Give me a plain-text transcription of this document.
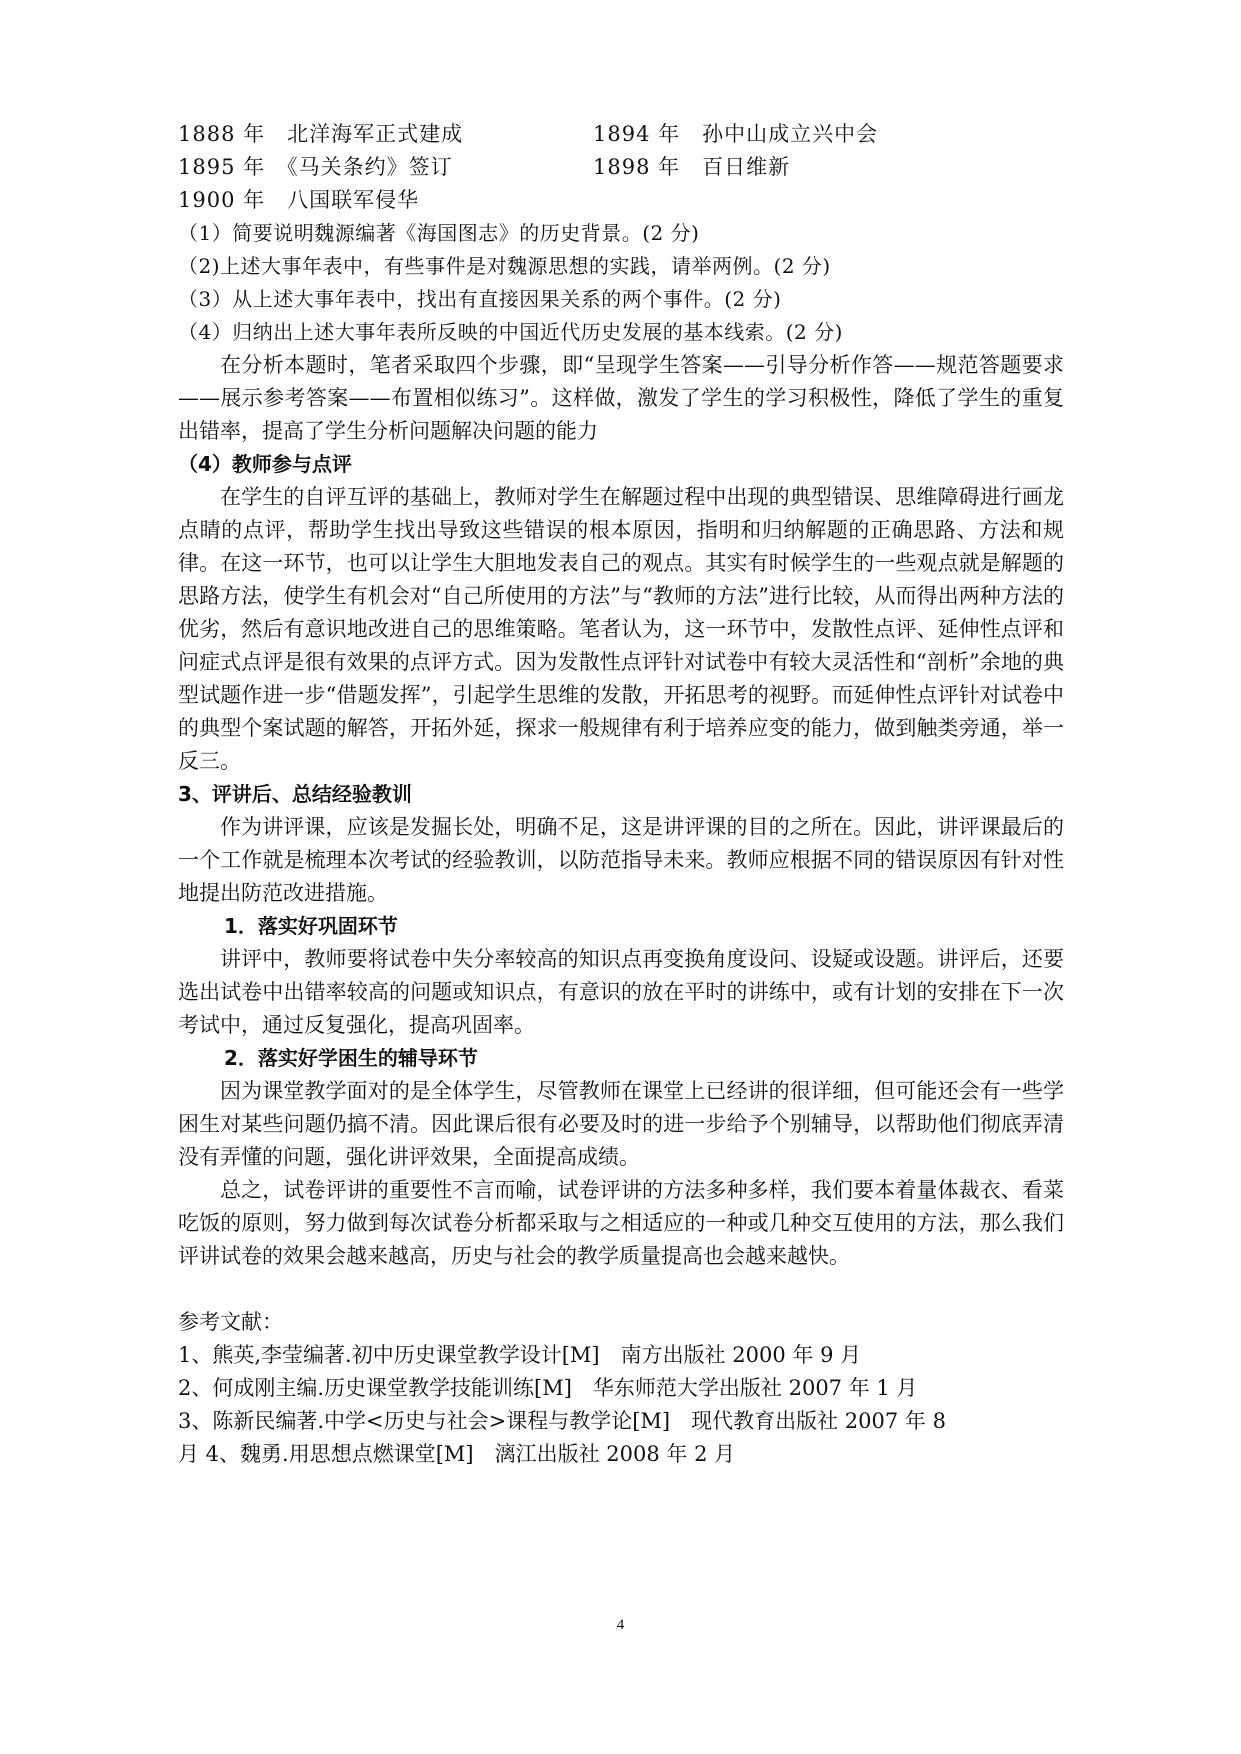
1888 年　北洋海军正式建成	1894 年　孙中山成立兴中会
1895 年　《马关条约》签订	1898 年　百日维新
1900 年　八国联军侵华
（1）简要说明魏源编著《海国图志》的历史背景。(2 分)
（2)上述大事年表中，有些事件是对魏源思想的实践，请举两例。(2 分)
（3）从上述大事年表中，找出有直接因果关系的两个事件。(2 分)
（4）归纳出上述大事年表所反映的中国近代历史发展的基本线索。(2 分)

在分析本题时，笔者采取四个步骤，即“呈现学生答案——引导分析作答——规范答题要求——展示参考答案——布置相似练习”。这样做，激发了学生的学习积极性，降低了学生的重复出错率，提高了学生分析问题解决问题的能力

（4）教师参与点评

在学生的自评互评的基础上，教师对学生在解题过程中出现的典型错误、思维障碍进行画龙点睛的点评，帮助学生找出导致这些错误的根本原因，指明和归纳解题的正确思路、方法和规律。在这一环节，也可以让学生大胆地发表自己的观点。其实有时候学生的一些观点就是解题的思路方法，使学生有机会对“自己所使用的方法”与“教师的方法”进行比较，从而得出两种方法的优劣，然后有意识地改进自己的思维策略。笔者认为，这一环节中，发散性点评、延伸性点评和问症式点评是很有效果的点评方式。因为发散性点评针对试卷中有较大灵活性和“剖析”余地的典型试题作进一步“借题发挥”，引起学生思维的发散，开拓思考的视野。而延伸性点评针对试卷中的典型个案试题的解答，开拓外延，探求一般规律有利于培养应变的能力，做到触类旁通，举一反三。

3、评讲后、总结经验教训

作为讲评课，应该是发掘长处，明确不足，这是讲评课的目的之所在。因此，讲评课最后的一个工作就是梳理本次考试的经验教训，以防范指导未来。教师应根据不同的错误原因有针对性地提出防范改进措施。

1．落实好巩固环节

讲评中，教师要将试卷中失分率较高的知识点再变换角度设问、设疑或设题。讲评后，还要选出试卷中出错率较高的问题或知识点，有意识的放在平时的讲练中，或有计划的安排在下一次考试中，通过反复强化，提高巩固率。

2．落实好学困生的辅导环节

因为课堂教学面对的是全体学生，尽管教师在课堂上已经讲的很详细，但可能还会有一些学困生对某些问题仍搞不清。因此课后很有必要及时的进一步给予个别辅导，以帮助他们彻底弄清没有弄懂的问题，强化讲评效果，全面提高成绩。

总之，试卷评讲的重要性不言而喻，试卷评讲的方法多种多样，我们要本着量体裁衣、看菜吃饭的原则，努力做到每次试卷分析都采取与之相适应的一种或几种交互使用的方法，那么我们评讲试卷的效果会越来越高，历史与社会的教学质量提高也会越来越快。

参考文献：
1、熊英,李莹编著.初中历史课堂教学设计[M]　南方出版社 2000 年 9 月
2、何成刚主编.历史课堂教学技能训练[M]　华东师范大学出版社 2007 年 1 月
3、陈新民编著.中学<历史与社会>课程与教学论[M]　现代教育出版社 2007 年 8
月 4、魏勇.用思想点燃课堂[M]　漓江出版社 2008 年 2 月
4
